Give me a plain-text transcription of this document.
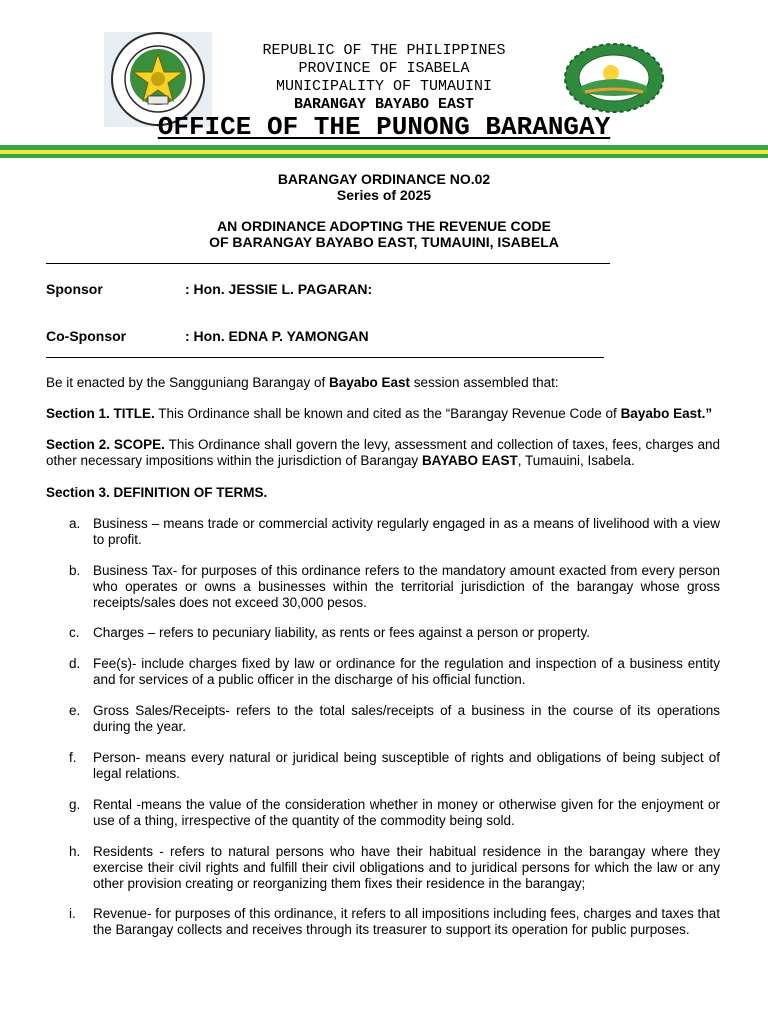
REPUBLIC OF THE PHILIPPINES
PROVINCE OF ISABELA
MUNICIPALITY OF TUMAUINI
BARANGAY BAYABO EAST
OFFICE OF THE PUNONG BARANGAY
BARANGAY ORDINANCE NO.02
Series of 2025
AN ORDINANCE ADOPTING THE REVENUE CODE
OF BARANGAY BAYABO EAST, TUMAUINI, ISABELA
Sponsor	: Hon. JESSIE L. PAGARAN:
Co-Sponsor	: Hon. EDNA P. YAMONGAN
Be it enacted by the Sangguniang Barangay of Bayabo East session assembled that:
Section 1. TITLE. This Ordinance shall be known and cited as the “Barangay Revenue Code of Bayabo East.”
Section 2. SCOPE. This Ordinance shall govern the levy, assessment and collection of taxes, fees, charges and other necessary impositions within the jurisdiction of Barangay BAYABO EAST, Tumauini, Isabela.
Section 3. DEFINITION OF TERMS.
a. Business – means trade or commercial activity regularly engaged in as a means of livelihood with a view to profit.
b. Business Tax- for purposes of this ordinance refers to the mandatory amount exacted from every person who operates or owns a businesses within the territorial jurisdiction of the barangay whose gross receipts/sales does not exceed 30,000 pesos.
c. Charges – refers to pecuniary liability, as rents or fees against a person or property.
d. Fee(s)- include charges fixed by law or ordinance for the regulation and inspection of a business entity and for services of a public officer in the discharge of his official function.
e. Gross Sales/Receipts- refers to the total sales/receipts of a business in the course of its operations during the year.
f. Person- means every natural or juridical being susceptible of rights and obligations of being subject of legal relations.
g. Rental -means the value of the consideration whether in money or otherwise given for the enjoyment or use of a thing, irrespective of the quantity of the commodity being sold.
h. Residents - refers to natural persons who have their habitual residence in the barangay where they exercise their civil rights and fulfill their civil obligations and to juridical persons for which the law or any other provision creating or reorganizing them fixes their residence in the barangay;
i. Revenue- for purposes of this ordinance, it refers to all impositions including fees, charges and taxes that the Barangay collects and receives through its treasurer to support its operation for public purposes.
